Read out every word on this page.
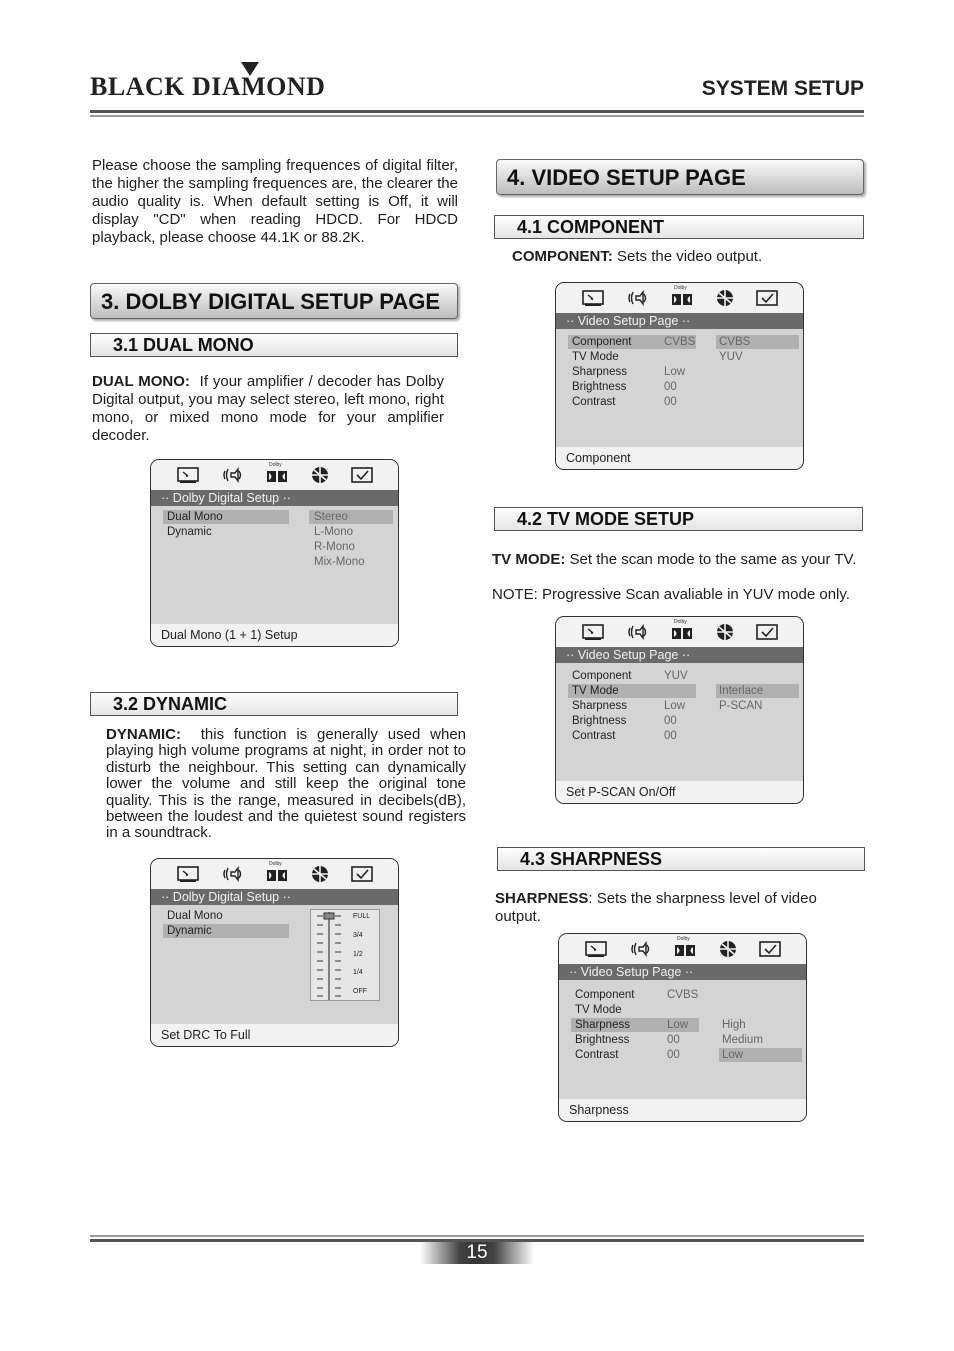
BLACK DIAMOND	SYSTEM SETUP

Please choose the sampling frequences of digital filter, the higher the sampling frequences are, the clearer the audio quality is. When default setting is Off, it will display "CD" when reading HDCD. For HDCD playback, please choose 44.1K or 88.2K.

3. DOLBY DIGITAL SETUP PAGE
3.1 DUAL MONO

DUAL MONO: If your amplifier / decoder has Dolby Digital output, you may select stereo, left mono, right mono, or mixed mono mode for your amplifier decoder.

Dolby
·· Dolby Digital Setup ··
Dual Mono
Dynamic
Stereo
L-Mono
R-Mono
Mix-Mono
Dual Mono (1 + 1) Setup
3.2 DYNAMIC

DYNAMIC: this function is generally used when playing high volume programs at night, in order not to disturb the neighbour. This setting can dynamically lower the volume and still keep the original tone quality. This is the range, measured in decibels(dB), between the loudest and the quietest sound registers in a soundtrack.

Dolby
·· Dolby Digital Setup ··
Dual Mono
Dynamic
FULL
3/4
1/2
1/4
OFF
Set DRC To Full
4. VIDEO SETUP PAGE
4.1 COMPONENT

COMPONENT: Sets the video output.

Dolby
·· Video Setup Page ··
Component
TV Mode
Sharpness
Brightness
Contrast
CVBS
Low
00
00
CVBS
YUV
Component
4.2 TV MODE SETUP

TV MODE: Set the scan mode to the same as your TV.

NOTE: Progressive Scan avaliable in YUV mode only.

Dolby
·· Video Setup Page ··
Component
TV Mode
Sharpness
Brightness
Contrast
YUV
Low
00
00
Interlace
P-SCAN
Set P-SCAN On/Off
4.3 SHARPNESS

SHARPNESS: Sets the sharpness level of video output.

Dolby
·· Video Setup Page ··
Component
TV Mode
Sharpness
Brightness
Contrast
CVBS
Low
00
00
High
Medium
Low
Sharpness
15
